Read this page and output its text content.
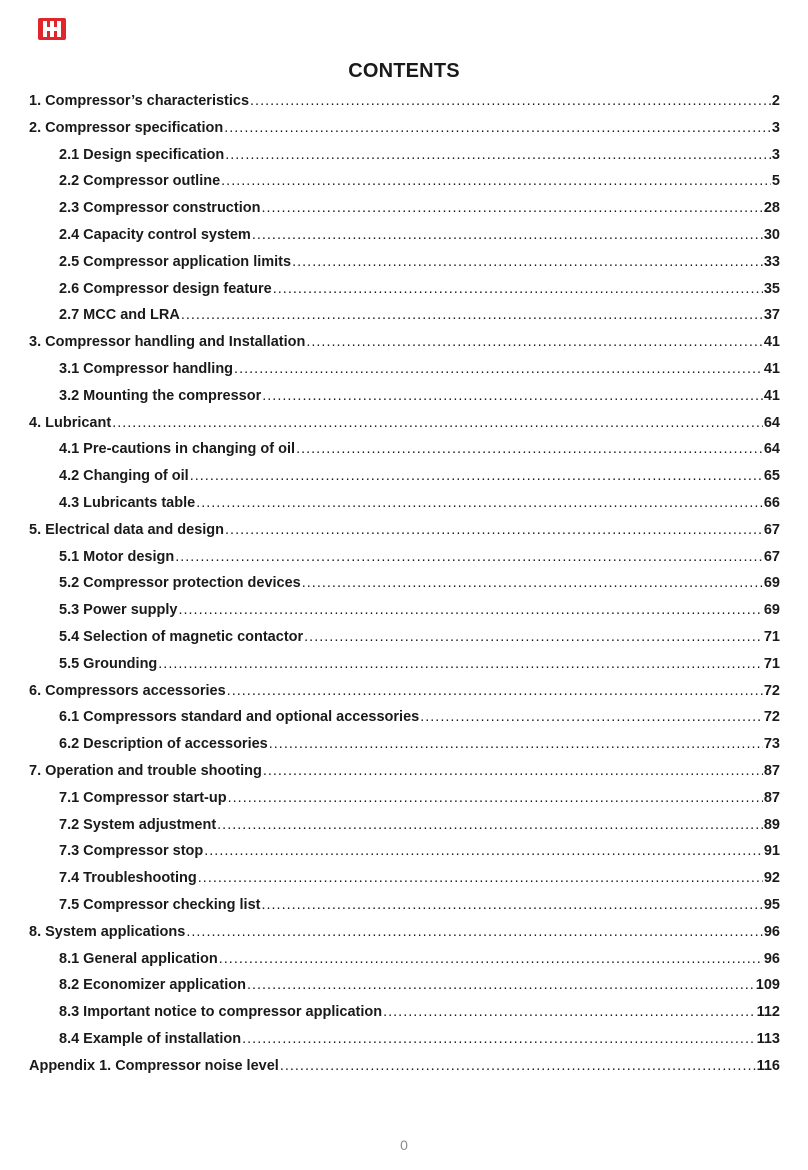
CONTENTS
1. Compressor’s characteristics .....	2
2. Compressor specification .....	3
2.1 Design specification .....	3
2.2 Compressor outline .....	5
2.3 Compressor construction .....	28
2.4 Capacity control system .....	30
2.5 Compressor application limits .....	33
2.6 Compressor design feature .....	35
2.7 MCC and LRA .....	37
3. Compressor handling and Installation .....	41
3.1 Compressor handling .....	41
3.2 Mounting the compressor .....	41
4. Lubricant .....	64
4.1 Pre-cautions in changing of oil .....	64
4.2 Changing of oil .....	65
4.3 Lubricants table .....	66
5. Electrical data and design .....	67
5.1 Motor design .....	67
5.2 Compressor protection devices .....	69
5.3 Power supply .....	69
5.4 Selection of magnetic contactor .....	71
5.5 Grounding .....	71
6. Compressors accessories .....	72
6.1 Compressors standard and optional accessories .....	72
6.2 Description of accessories .....	73
7. Operation and trouble shooting .....	87
7.1 Compressor start-up .....	87
7.2 System adjustment .....	89
7.3 Compressor stop .....	91
7.4 Troubleshooting .....	92
7.5 Compressor checking list .....	95
8. System applications .....	96
8.1 General application .....	96
8.2 Economizer application .....	109
8.3 Important notice to compressor application .....	112
8.4 Example of installation .....	113
Appendix 1. Compressor noise level .....	116
0
